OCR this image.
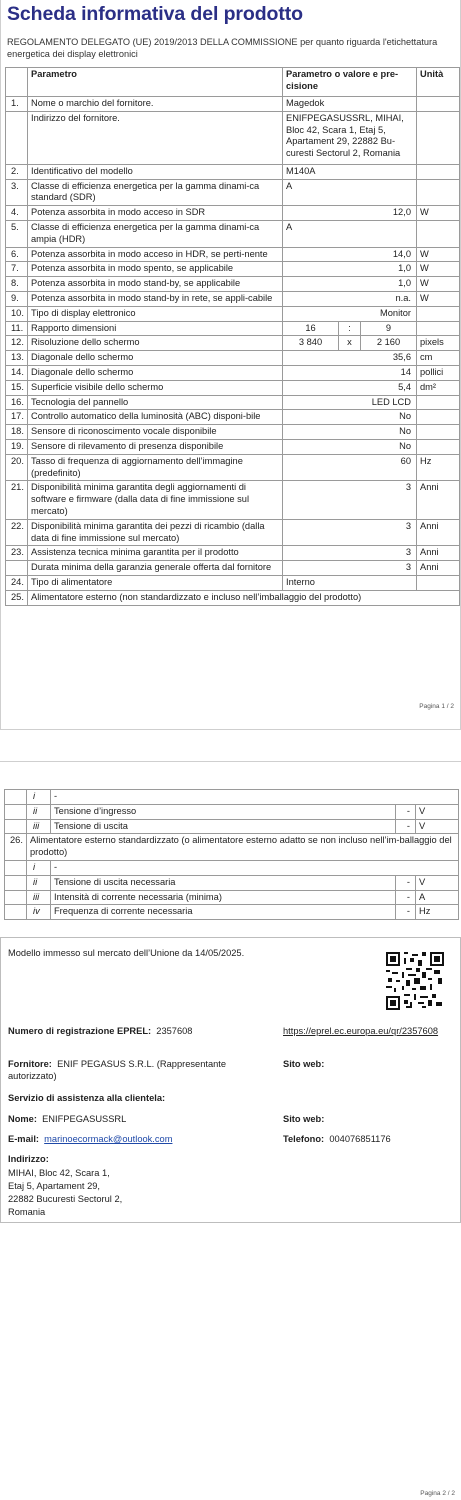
Scheda informativa del prodotto
REGOLAMENTO DELEGATO (UE) 2019/2013 DELLA COMMISSIONE per quanto riguarda l'etichettatura energetica dei display elettronici
	Parametro	Parametro o valore e pre-cisione			Unità
1.	Nome o marchio del fornitore.	Magedok			
	Indirizzo del fornitore.	ENIFPEGASUSSRL, MIHAI, Bloc 42, Scara 1, Etaj 5, Apartament 29, 22882 Bu-curesti Sectorul 2, Romania			
2.	Identificativo del modello	M140A			
3.	Classe di efficienza energetica per la gamma dinami-ca standard (SDR)	A			
4.	Potenza assorbita in modo acceso in SDR	12,0			W
5.	Classe di efficienza energetica per la gamma dinami-ca ampia (HDR)	A			
6.	Potenza assorbita in modo acceso in HDR, se perti-nente	14,0			W
7.	Potenza assorbita in modo spento, se applicabile	1,0			W
8.	Potenza assorbita in modo stand-by, se applicabile	1,0			W
9.	Potenza assorbita in modo stand-by in rete, se appli-cabile	n.a.			W
10.	Tipo di display elettronico	Monitor			
11.	Rapporto dimensioni	16	:	9	
12.	Risoluzione dello schermo	3 840	x	2 160	pixels
13.	Diagonale dello schermo	35,6			cm
14.	Diagonale dello schermo	14			pollici
15.	Superficie visibile dello schermo	5,4			dm²
16.	Tecnologia del pannello	LED LCD			
17.	Controllo automatico della luminosità (ABC) disponi-bile	No			
18.	Sensore di riconoscimento vocale disponibile	No			
19.	Sensore di rilevamento di presenza disponibile	No			
20.	Tasso di frequenza di aggiornamento dell’immagine (predefinito)	60			Hz
21.	Disponibilità minima garantita degli aggiornamenti di software e firmware (dalla data di fine immissione sul mercato)	3			Anni
22.	Disponibilità minima garantita dei pezzi di ricambio (dalla data di fine immissione sul mercato)	3			Anni
23.	Assistenza tecnica minima garantita per il prodotto	3			Anni
	Durata minima della garanzia generale offerta dal fornitore	3			Anni
24.	Tipo di alimentatore	Interno			
25.	Alimentatore esterno (non standardizzato e incluso nell’imballaggio del prodotto)				
Pagina 1 / 2
	i	-		
	ii	Tensione d’ingresso	-	V
	iii	Tensione di uscita	-	V
26.	Alimentatore esterno standardizzato (o alimentatore esterno adatto se non incluso nell’im-ballaggio del prodotto)			
	i	-		
	ii	Tensione di uscita necessaria	-	V
	iii	Intensità di corrente necessaria (minima)	-	A
	iv	Frequenza di corrente necessaria	-	Hz
Modello immesso sul mercato dell’Unione da 14/05/2025.
Numero di registrazione EPREL: 2357608	https://eprel.ec.europa.eu/qr/2357608
Fornitore: ENIF PEGASUS S.R.L. (Rappresentante autorizzato)
Sito web:
Servizio di assistenza alla clientela:
Nome: ENIFPEGASUSSRL	Sito web:
E-mail: marinoecormack@outlook.com	Telefono: 004076851176
Indirizzo:
MIHAI, Bloc 42, Scara 1,
Etaj 5, Apartament 29,
22882 Bucuresti Sectorul 2,
Romania
Pagina 2 / 2
